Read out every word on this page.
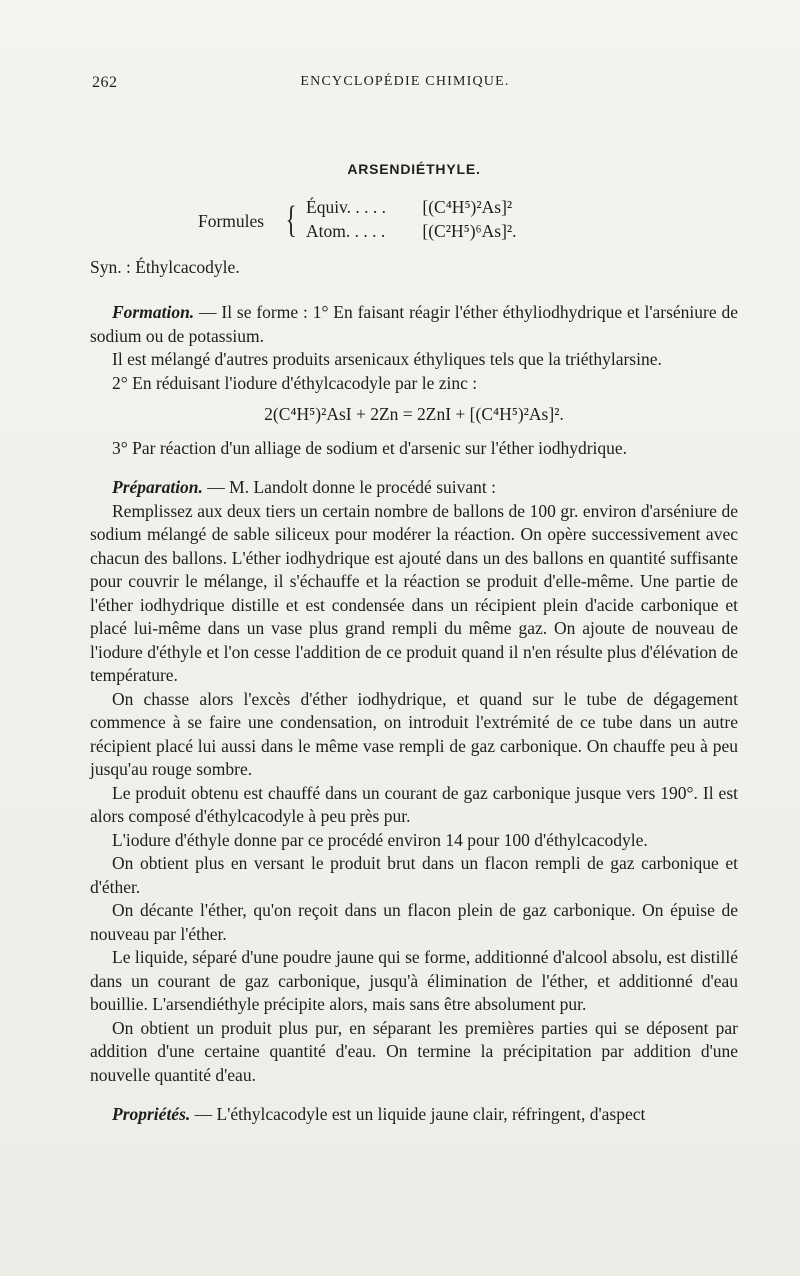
262	ENCYCLOPÉDIE CHIMIQUE.
ARSENDIÉTHYLE.
Formules { Équiv. . . . . [(C⁴H⁵)²As]²
Atom. . . . . [(C²H⁵)⁶As]².

Syn. : Éthylcacodyle.

Formation. — Il se forme : 1° En faisant réagir l'éther éthyliodhydrique et l'arséniure de sodium ou de potassium.

Il est mélangé d'autres produits arsenicaux éthyliques tels que la triéthylarsine.

2° En réduisant l'iodure d'éthylcacodyle par le zinc :

2(C⁴H⁵)²AsI + 2Zn = 2ZnI + [(C⁴H⁵)²As]².

3° Par réaction d'un alliage de sodium et d'arsenic sur l'éther iodhydrique.

Préparation. — M. Landolt donne le procédé suivant :

Remplissez aux deux tiers un certain nombre de ballons de 100 gr. environ d'arséniure de sodium mélangé de sable siliceux pour modérer la réaction. On opère successivement avec chacun des ballons. L'éther iodhydrique est ajouté dans un des ballons en quantité suffisante pour couvrir le mélange, il s'échauffe et la réaction se produit d'elle-même. Une partie de l'éther iodhydrique distille et est condensée dans un récipient plein d'acide carbonique et placé lui-même dans un vase plus grand rempli du même gaz. On ajoute de nouveau de l'iodure d'éthyle et l'on cesse l'addition de ce produit quand il n'en résulte plus d'élévation de température.

On chasse alors l'excès d'éther iodhydrique, et quand sur le tube de dégagement commence à se faire une condensation, on introduit l'extrémité de ce tube dans un autre récipient placé lui aussi dans le même vase rempli de gaz carbonique. On chauffe peu à peu jusqu'au rouge sombre.

Le produit obtenu est chauffé dans un courant de gaz carbonique jusque vers 190°. Il est alors composé d'éthylcacodyle à peu près pur.

L'iodure d'éthyle donne par ce procédé environ 14 pour 100 d'éthylcacodyle.

On obtient plus en versant le produit brut dans un flacon rempli de gaz carbonique et d'éther.

On décante l'éther, qu'on reçoit dans un flacon plein de gaz carbonique. On épuise de nouveau par l'éther.

Le liquide, séparé d'une poudre jaune qui se forme, additionné d'alcool absolu, est distillé dans un courant de gaz carbonique, jusqu'à élimination de l'éther, et additionné d'eau bouillie. L'arsendiéthyle précipite alors, mais sans être absolument pur.

On obtient un produit plus pur, en séparant les premières parties qui se déposent par addition d'une certaine quantité d'eau. On termine la précipitation par addition d'une nouvelle quantité d'eau.

Propriétés. — L'éthylcacodyle est un liquide jaune clair, réfringent, d'aspect
